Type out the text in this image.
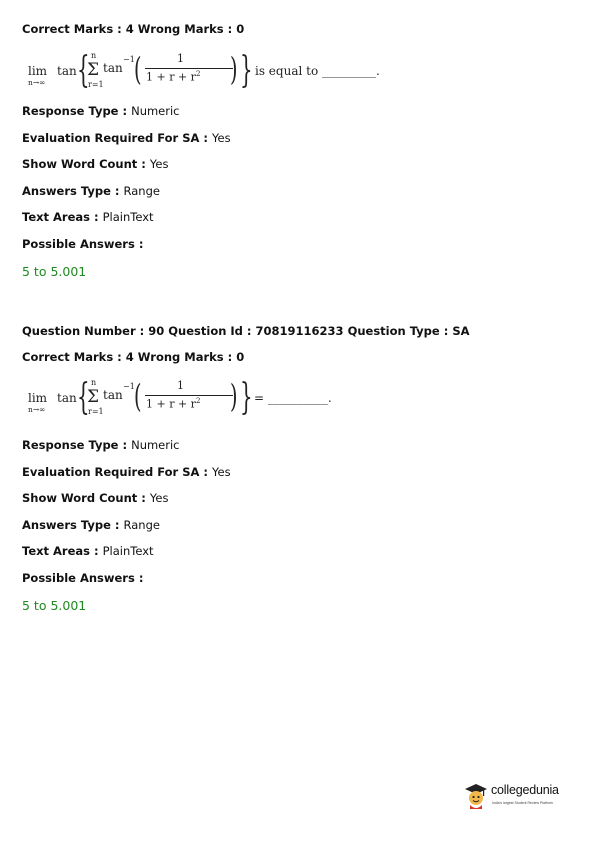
Correct Marks : 4 Wrong Marks : 0
lim
n→∞
tan { n
Σ
r=1
tan
−1 (	1
$1 + r + r^2$ ) } is equal to _________.
Response Type : Numeric
Evaluation Required For SA : Yes
Show Word Count : Yes
Answers Type : Range
Text Areas : PlainText
Possible Answers :
5 to 5.001
Question Number : 90 Question Id : 70819116233 Question Type : SA
Correct Marks : 4 Wrong Marks : 0
lim
n→∞
tan { n
Σ
r=1
tan
−1 (	1
$1 + r + r^2$ ) } = __________.
Response Type : Numeric
Evaluation Required For SA : Yes
Show Word Count : Yes
Answers Type : Range
Text Areas : PlainText
Possible Answers :
5 to 5.001
collegedunia
India's largest Student Review Platform
